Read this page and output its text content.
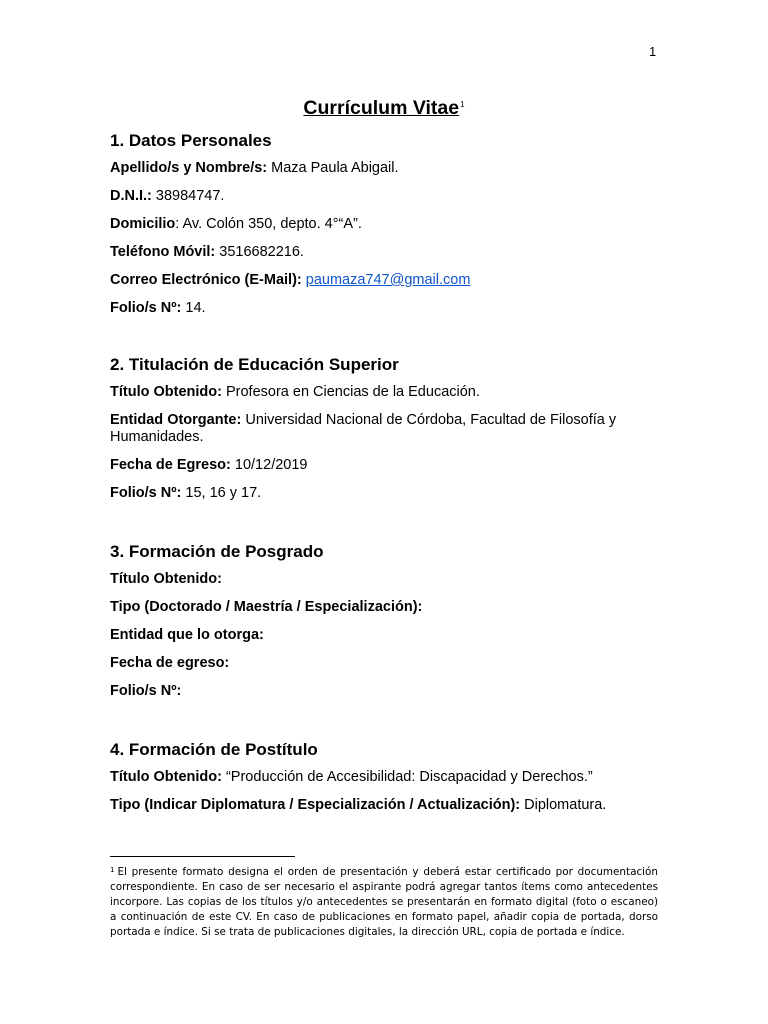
1
Currículum Vitae$^1$
1. Datos Personales

Apellido/s y Nombre/s: Maza Paula Abigail.

D.N.I.: 38984747.

Domicilio: Av. Colón 350, depto. 4°“A”.

Teléfono Móvil: 3516682216.

Correo Electrónico (E-Mail): paumaza747@gmail.com

Folio/s Nº: 14.

2. Titulación de Educación Superior

Título Obtenido: Profesora en Ciencias de la Educación.

Entidad Otorgante: Universidad Nacional de Córdoba, Facultad de Filosofía y Humanidades.

Fecha de Egreso: 10/12/2019

Folio/s Nº: 15, 16 y 17.

3. Formación de Posgrado

Título Obtenido:

Tipo (Doctorado / Maestría / Especialización):

Entidad que lo otorga:

Fecha de egreso:

Folio/s Nº:

4. Formación de Postítulo

Título Obtenido: “Producción de Accesibilidad: Discapacidad y Derechos.”

Tipo (Indicar Diplomatura / Especialización / Actualización): Diplomatura.

$^1$ El presente formato designa el orden de presentación y deberá estar certificado por documentación correspondiente. En caso de ser necesario el aspirante podrá agregar tantos ítems como antecedentes incorpore. Las copias de los títulos y/o antecedentes se presentarán en formato digital (foto o escaneo) a continuación de este CV. En caso de publicaciones en formato papel, añadir copia de portada, dorso portada e índice. Si se trata de publicaciones digitales, la dirección URL, copia de portada e índice.
